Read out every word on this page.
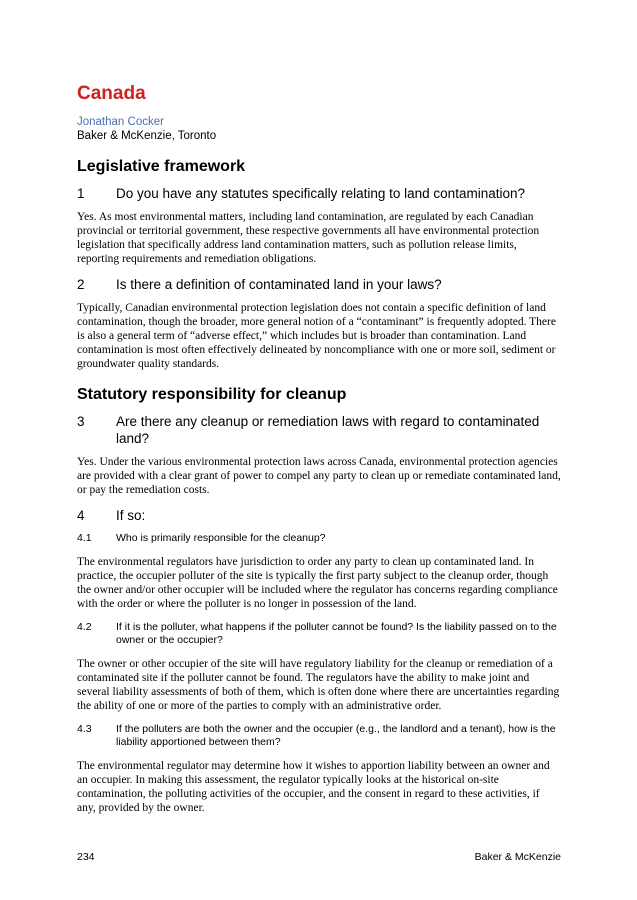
Canada

Jonathan Cocker

Baker & McKenzie, Toronto

Legislative framework
1	Do you have any statutes specifically relating to land contamination?

Yes. As most environmental matters, including land contamination, are regulated by each Canadian provincial or territorial government, these respective governments all have environmental protection legislation that specifically address land contamination matters, such as pollution release limits, reporting requirements and remediation obligations.

2	Is there a definition of contaminated land in your laws?

Typically, Canadian environmental protection legislation does not contain a specific definition of land contamination, though the broader, more general notion of a “contaminant” is frequently adopted. There is also a general term of “adverse effect,” which includes but is broader than contamination. Land contamination is most often effectively delineated by noncompliance with one or more soil, sediment or groundwater quality standards.

Statutory responsibility for cleanup
3	Are there any cleanup or remediation laws with regard to contaminated land?

Yes. Under the various environmental protection laws across Canada, environmental protection agencies are provided with a clear grant of power to compel any party to clean up or remediate contaminated land, or pay the remediation costs.

4	If so:
4.1	Who is primarily responsible for the cleanup?

The environmental regulators have jurisdiction to order any party to clean up contaminated land. In practice, the occupier polluter of the site is typically the first party subject to the cleanup order, though the owner and/or other occupier will be included where the regulator has concerns regarding compliance with the order or where the polluter is no longer in possession of the land.

4.2	If it is the polluter, what happens if the polluter cannot be found? Is the liability passed on to the owner or the occupier?

The owner or other occupier of the site will have regulatory liability for the cleanup or remediation of a contaminated site if the polluter cannot be found. The regulators have the ability to make joint and several liability assessments of both of them, which is often done where there are uncertainties regarding the ability of one or more of the parties to comply with an administrative order.

4.3	If the polluters are both the owner and the occupier (e.g., the landlord and a tenant), how is the liability apportioned between them?

The environmental regulator may determine how it wishes to apportion liability between an owner and an occupier. In making this assessment, the regulator typically looks at the historical on-site contamination, the polluting activities of the occupier, and the consent in regard to these activities, if any, provided by the owner.

234	Baker & McKenzie
